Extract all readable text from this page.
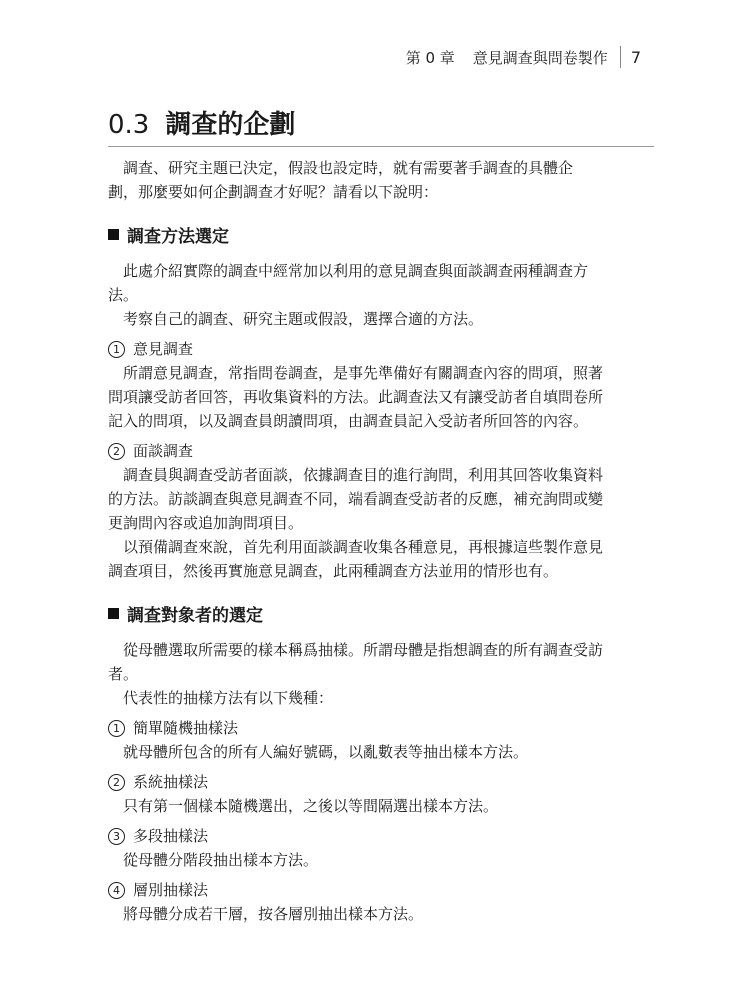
第 0 章 意見調查與問卷製作 7
0.3 調查的企劃

調查、研究主題已決定，假設也設定時，就有需要著手調查的具體企
劃，那麼要如何企劃調查才好呢？請看以下說明：

調查方法選定

此處介紹實際的調查中經常加以利用的意見調查與面談調查兩種調查方
法。

考察自己的調查、研究主題或假設，選擇合適的方法。

1 意見調查

所謂意見調查，常指問卷調查，是事先準備好有關調查內容的問項，照著
問項讓受訪者回答，再收集資料的方法。此調查法又有讓受訪者自填問卷所
記入的問項，以及調查員朗讀問項，由調查員記入受訪者所回答的內容。

2 面談調查

調查員與調查受訪者面談，依據調查目的進行詢問，利用其回答收集資料
的方法。訪談調查與意見調查不同，端看調查受訪者的反應，補充詢問或變
更詢問內容或追加詢問項目。

以預備調查來說，首先利用面談調查收集各種意見，再根據這些製作意見
調查項目，然後再實施意見調查，此兩種調查方法並用的情形也有。

調查對象者的選定

從母體選取所需要的樣本稱爲抽樣。所謂母體是指想調查的所有調查受訪
者。

代表性的抽樣方法有以下幾種：

1 簡單隨機抽樣法

就母體所包含的所有人編好號碼，以亂數表等抽出樣本方法。

2 系統抽樣法

只有第一個樣本隨機選出，之後以等間隔選出樣本方法。

3 多段抽樣法

從母體分階段抽出樣本方法。

4 層別抽樣法

將母體分成若干層，按各層別抽出樣本方法。
